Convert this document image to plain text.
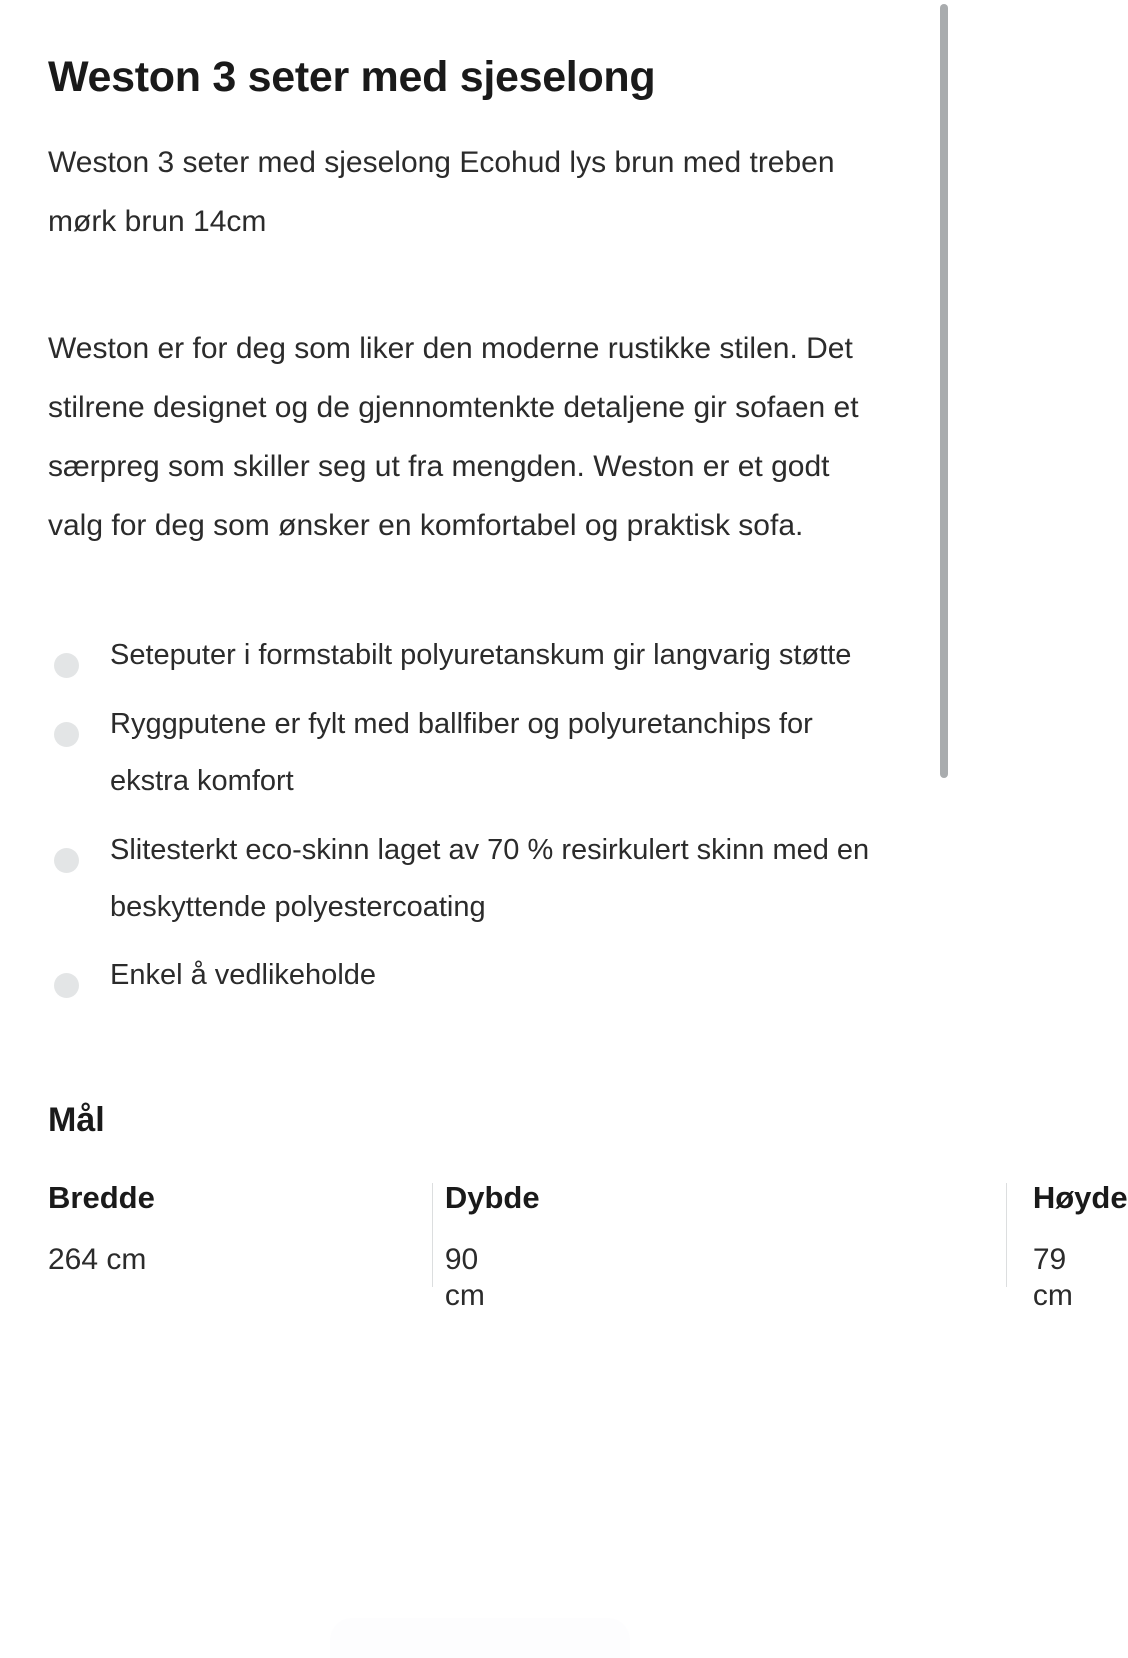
Weston 3 seter med sjeselong

Weston 3 seter med sjeselong Ecohud lys brun med treben mørk brun 14cm

Weston er for deg som liker den moderne rustikke stilen. Det stilrene designet og de gjennomtenkte detaljene gir sofaen et særpreg som skiller seg ut fra mengden. Weston er et godt valg for deg som ønsker en komfortabel og praktisk sofa.

Seteputer i formstabilt polyuretanskum gir langvarig støtte
Ryggputene er fylt med ballfiber og polyuretanchips for ekstra komfort
Slitesterkt eco-skinn laget av 70 % resirkulert skinn med en beskyttende polyestercoating
Enkel å vedlikeholde
Mål
Bredde
264 cm
Dybde
90 cm
Høyde
79 cm
